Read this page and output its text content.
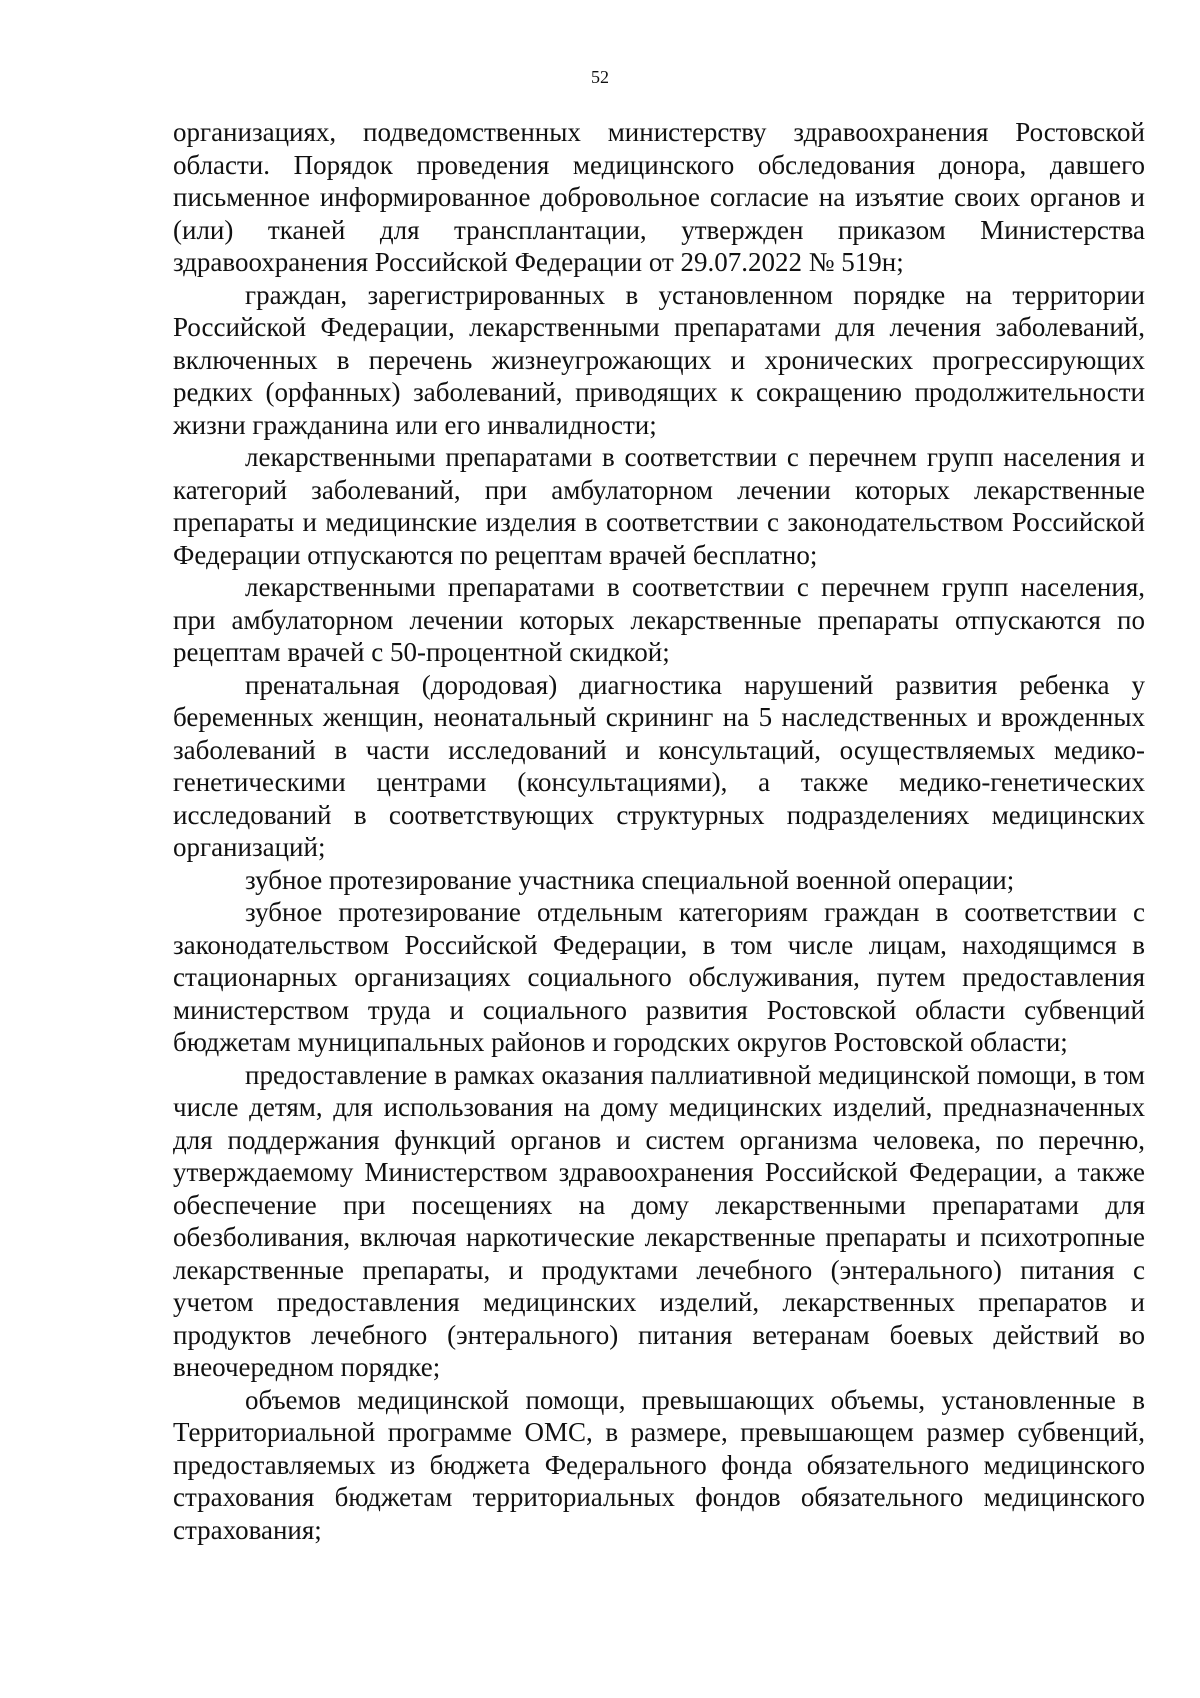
52

организациях, подведомственных министерству здравоохранения Ростовской области. Порядок проведения медицинского обследования донора, давшего письменное информированное добровольное согласие на изъятие своих органов и (или) тканей для трансплантации, утвержден приказом Министерства здравоохранения Российской Федерации от 29.07.2022 № 519н;

граждан, зарегистрированных в установленном порядке на территории Российской Федерации, лекарственными препаратами для лечения заболеваний, включенных в перечень жизнеугрожающих и хронических прогрессирующих редких (орфанных) заболеваний, приводящих к сокращению продолжительности жизни гражданина или его инвалидности;

лекарственными препаратами в соответствии с перечнем групп населения и категорий заболеваний, при амбулаторном лечении которых лекарственные препараты и медицинские изделия в соответствии с законодательством Российской Федерации отпускаются по рецептам врачей бесплатно;

лекарственными препаратами в соответствии с перечнем групп населения, при амбулаторном лечении которых лекарственные препараты отпускаются по рецептам врачей с 50-процентной скидкой;

пренатальная (дородовая) диагностика нарушений развития ребенка у беременных женщин, неонатальный скрининг на 5 наследственных и врожденных заболеваний в части исследований и консультаций, осуществляемых медико-генетическими центрами (консультациями), а также медико-генетических исследований в соответствующих структурных подразделениях медицинских организаций;

зубное протезирование участника специальной военной операции;

зубное протезирование отдельным категориям граждан в соответствии с законодательством Российской Федерации, в том числе лицам, находящимся в стационарных организациях социального обслуживания, путем предоставления министерством труда и социального развития Ростовской области субвенций бюджетам муниципальных районов и городских округов Ростовской области;

предоставление в рамках оказания паллиативной медицинской помощи, в том числе детям, для использования на дому медицинских изделий, предназначенных для поддержания функций органов и систем организма человека, по перечню, утверждаемому Министерством здравоохранения Российской Федерации, а также обеспечение при посещениях на дому лекарственными препаратами для обезболивания, включая наркотические лекарственные препараты и психотропные лекарственные препараты, и продуктами лечебного (энтерального) питания с учетом предоставления медицинских изделий, лекарственных препаратов и продуктов лечебного (энтерального) питания ветеранам боевых действий во внеочередном порядке;

объемов медицинской помощи, превышающих объемы, установленные в Территориальной программе ОМС, в размере, превышающем размер субвенций, предоставляемых из бюджета Федерального фонда обязательного медицинского страхования бюджетам территориальных фондов обязательного медицинского страхования;
